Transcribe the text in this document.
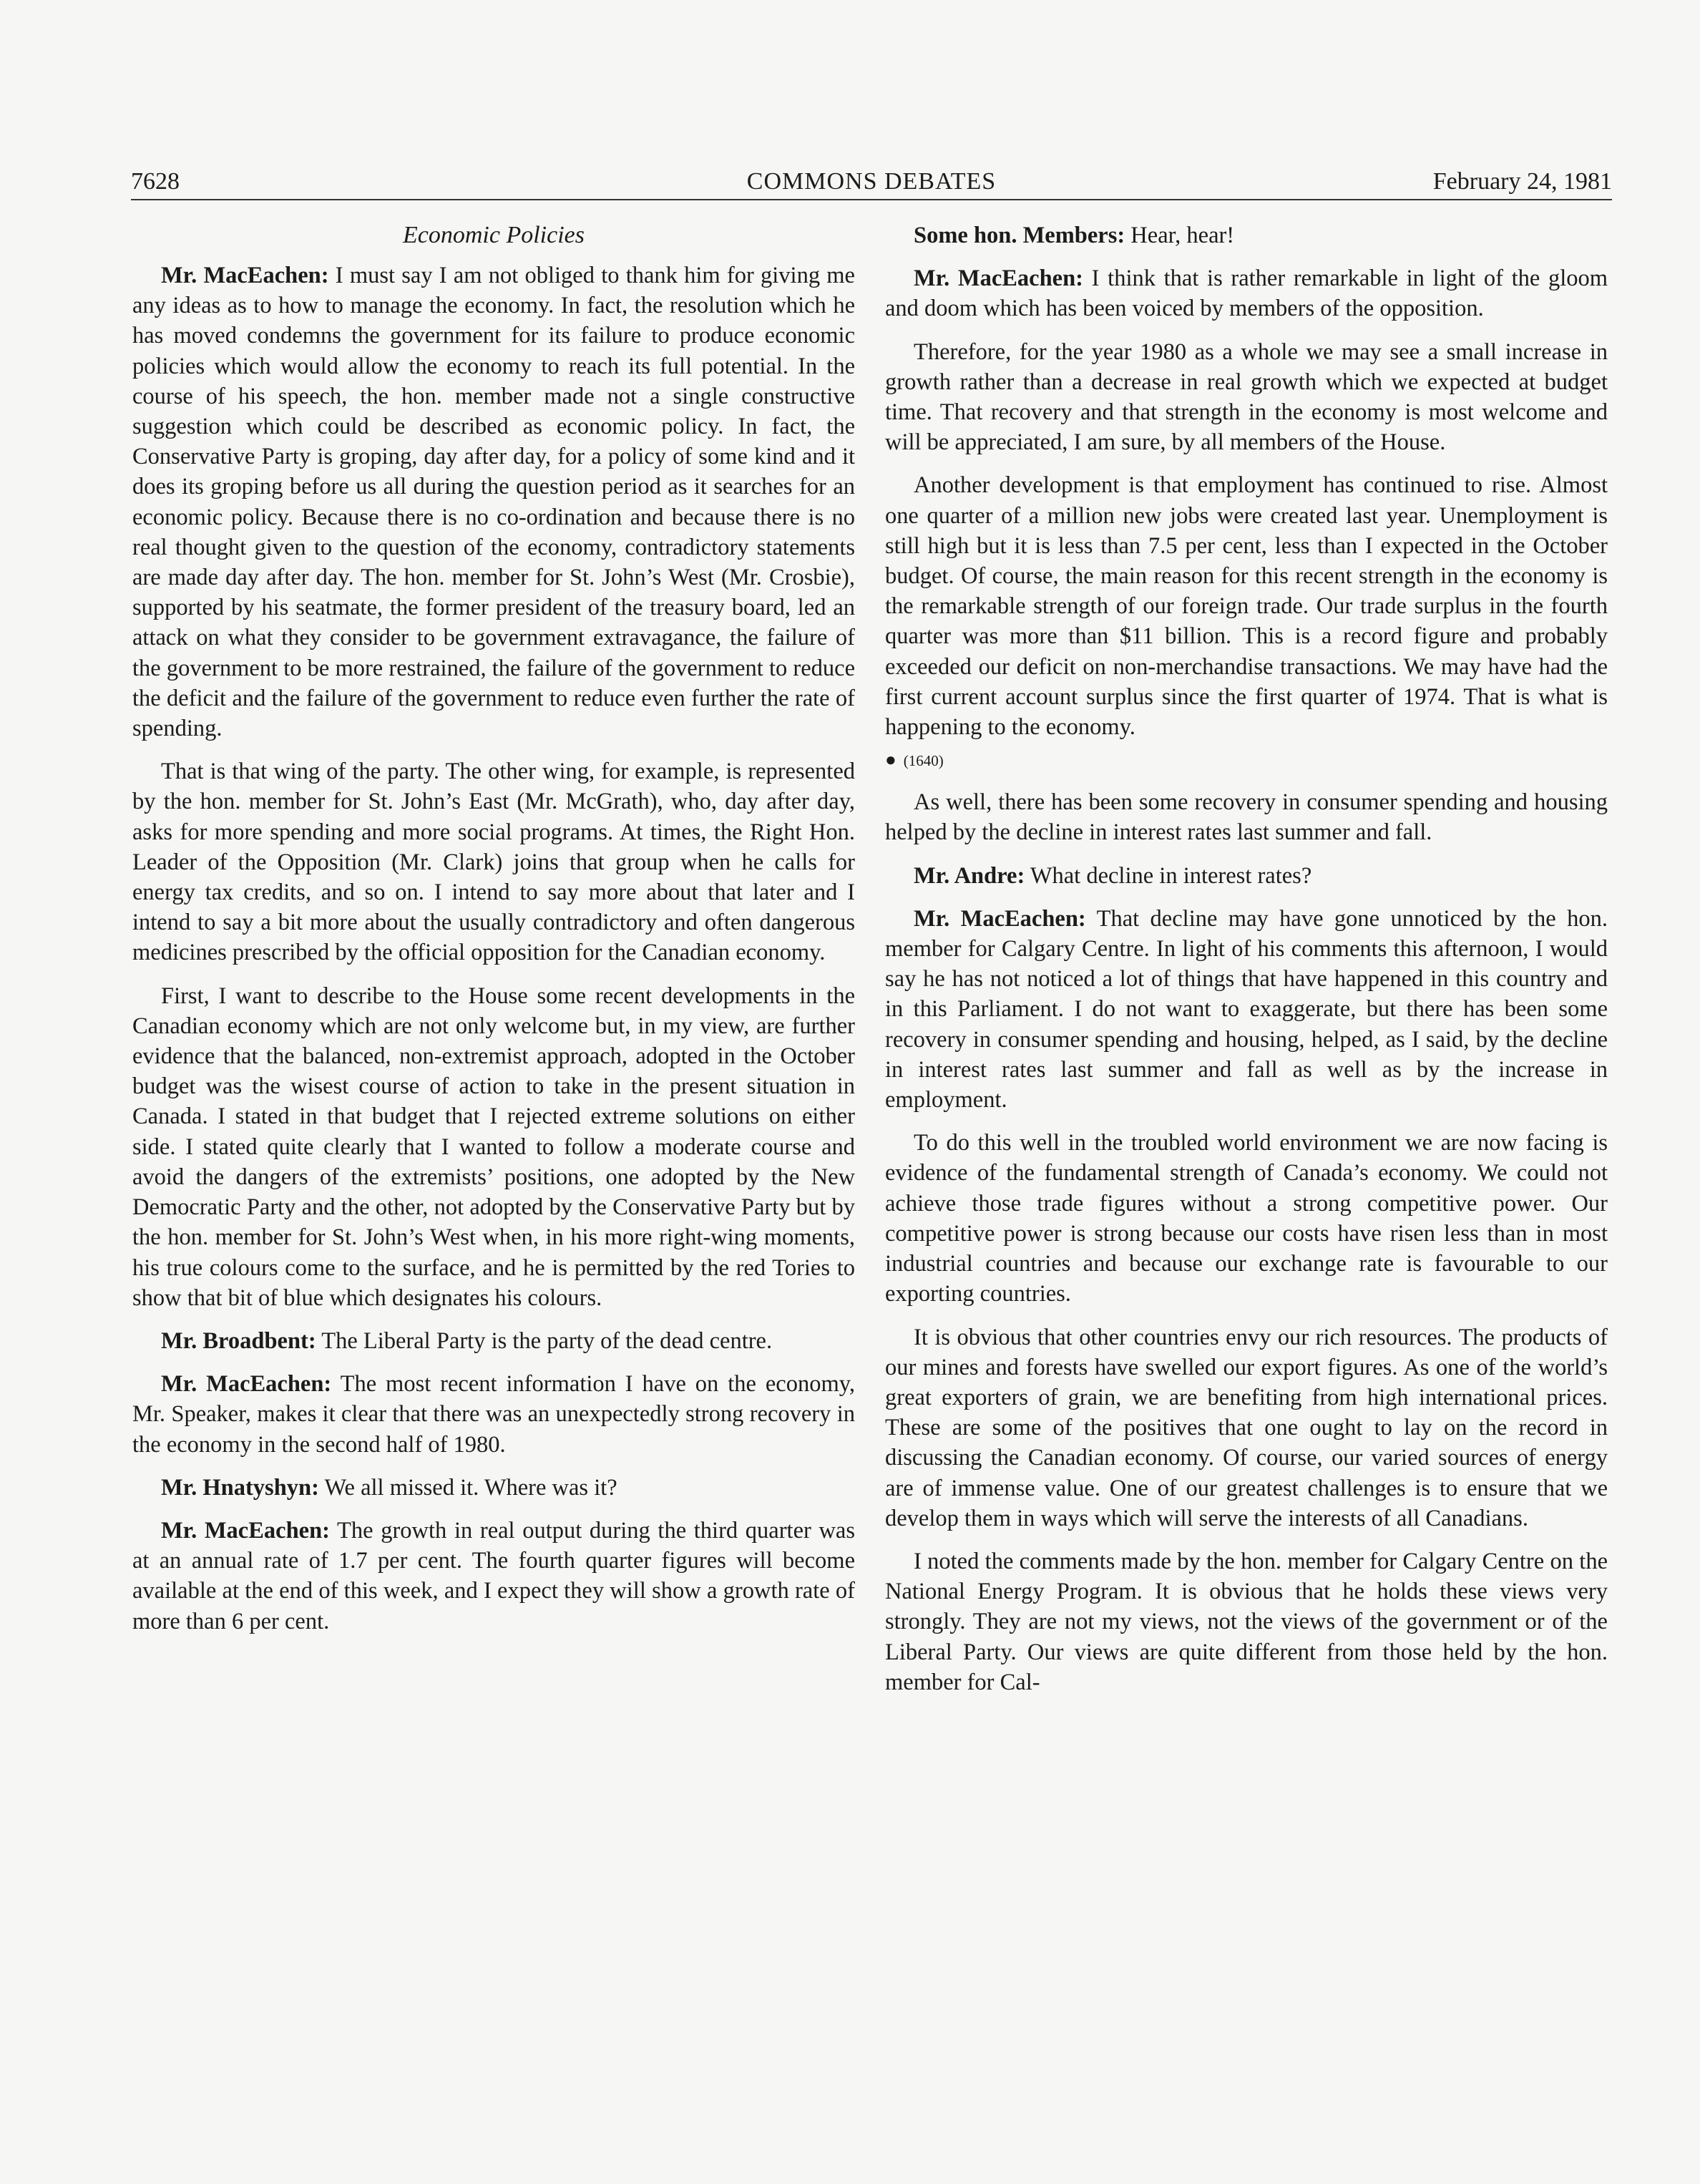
7628	COMMONS DEBATES	February 24, 1981
Economic Policies

Mr. MacEachen: I must say I am not obliged to thank him for giving me any ideas as to how to manage the economy. In fact, the resolution which he has moved condemns the government for its failure to produce economic policies which would allow the economy to reach its full potential. In the course of his speech, the hon. member made not a single constructive suggestion which could be described as economic policy. In fact, the Conservative Party is groping, day after day, for a policy of some kind and it does its groping before us all during the question period as it searches for an economic policy. Because there is no co-ordination and because there is no real thought given to the question of the economy, contradictory statements are made day after day. The hon. member for St. John’s West (Mr. Crosbie), supported by his seatmate, the former president of the treasury board, led an attack on what they consider to be government extravagance, the failure of the government to be more restrained, the failure of the government to reduce the deficit and the failure of the government to reduce even further the rate of spending.

That is that wing of the party. The other wing, for example, is represented by the hon. member for St. John’s East (Mr. McGrath), who, day after day, asks for more spending and more social programs. At times, the Right Hon. Leader of the Opposition (Mr. Clark) joins that group when he calls for energy tax credits, and so on. I intend to say more about that later and I intend to say a bit more about the usually contradictory and often dangerous medicines prescribed by the official opposition for the Canadian economy.

First, I want to describe to the House some recent developments in the Canadian economy which are not only welcome but, in my view, are further evidence that the balanced, non-extremist approach, adopted in the October budget was the wisest course of action to take in the present situation in Canada. I stated in that budget that I rejected extreme solutions on either side. I stated quite clearly that I wanted to follow a moderate course and avoid the dangers of the extremists’ positions, one adopted by the New Democratic Party and the other, not adopted by the Conservative Party but by the hon. member for St. John’s West when, in his more right-wing moments, his true colours come to the surface, and he is permitted by the red Tories to show that bit of blue which designates his colours.

Mr. Broadbent: The Liberal Party is the party of the dead centre.

Mr. MacEachen: The most recent information I have on the economy, Mr. Speaker, makes it clear that there was an unexpectedly strong recovery in the economy in the second half of 1980.

Mr. Hnatyshyn: We all missed it. Where was it?

Mr. MacEachen: The growth in real output during the third quarter was at an annual rate of 1.7 per cent. The fourth quarter figures will become available at the end of this week, and I expect they will show a growth rate of more than 6 per cent.

Some hon. Members: Hear, hear!

Mr. MacEachen: I think that is rather remarkable in light of the gloom and doom which has been voiced by members of the opposition.

Therefore, for the year 1980 as a whole we may see a small increase in growth rather than a decrease in real growth which we expected at budget time. That recovery and that strength in the economy is most welcome and will be appreciated, I am sure, by all members of the House.

Another development is that employment has continued to rise. Almost one quarter of a million new jobs were created last year. Unemployment is still high but it is less than 7.5 per cent, less than I expected in the October budget. Of course, the main reason for this recent strength in the economy is the remarkable strength of our foreign trade. Our trade surplus in the fourth quarter was more than $11 billion. This is a record figure and probably exceeded our deficit on non-merchandise transactions. We may have had the first current account surplus since the first quarter of 1974. That is what is happening to the economy.

● (1640)

As well, there has been some recovery in consumer spending and housing helped by the decline in interest rates last summer and fall.

Mr. Andre: What decline in interest rates?

Mr. MacEachen: That decline may have gone unnoticed by the hon. member for Calgary Centre. In light of his comments this afternoon, I would say he has not noticed a lot of things that have happened in this country and in this Parliament. I do not want to exaggerate, but there has been some recovery in consumer spending and housing, helped, as I said, by the decline in interest rates last summer and fall as well as by the increase in employment.

To do this well in the troubled world environment we are now facing is evidence of the fundamental strength of Canada’s economy. We could not achieve those trade figures without a strong competitive power. Our competitive power is strong because our costs have risen less than in most industrial countries and because our exchange rate is favourable to our exporting countries.

It is obvious that other countries envy our rich resources. The products of our mines and forests have swelled our export figures. As one of the world’s great exporters of grain, we are benefiting from high international prices. These are some of the positives that one ought to lay on the record in discussing the Canadian economy. Of course, our varied sources of energy are of immense value. One of our greatest challenges is to ensure that we develop them in ways which will serve the interests of all Canadians.

I noted the comments made by the hon. member for Calgary Centre on the National Energy Program. It is obvious that he holds these views very strongly. They are not my views, not the views of the government or of the Liberal Party. Our views are quite different from those held by the hon. member for Cal-
